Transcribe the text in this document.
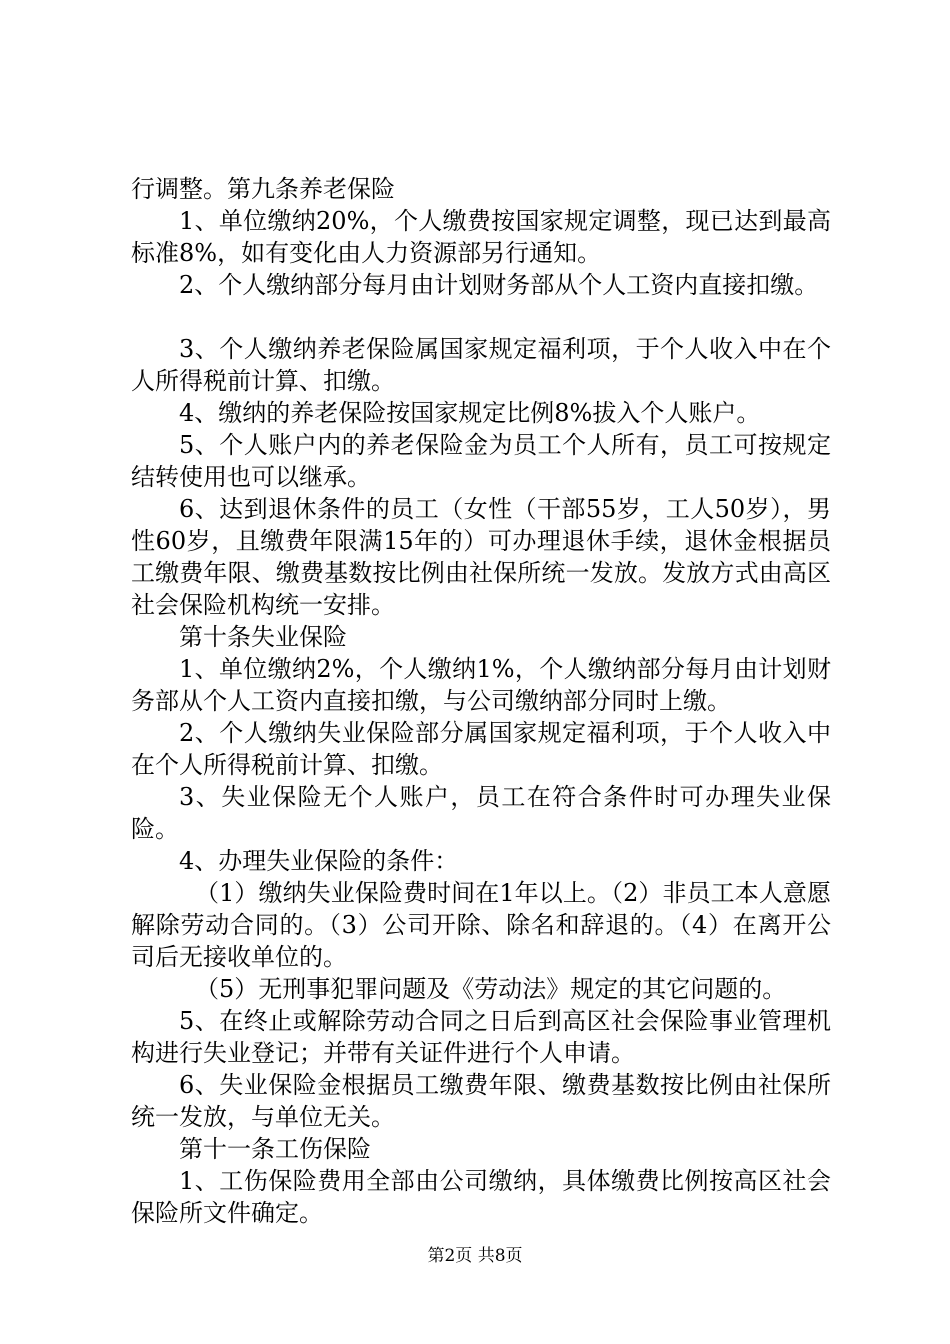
行调整。第九条养老保险

1、单位缴纳20%，个人缴费按国家规定调整，现已达到最高标准8%，如有变化由人力资源部另行通知。

2、个人缴纳部分每月由计划财务部从个人工资内直接扣缴。

3、个人缴纳养老保险属国家规定福利项，于个人收入中在个人所得税前计算、扣缴。

4、缴纳的养老保险按国家规定比例8%拔入个人账户。

5、个人账户内的养老保险金为员工个人所有，员工可按规定结转使用也可以继承。

6、达到退休条件的员工（女性（干部55岁，工人50岁），男性60岁，且缴费年限满15年的）可办理退休手续，退休金根据员工缴费年限、缴费基数按比例由社保所统一发放。发放方式由高区社会保险机构统一安排。

第十条失业保险

1、单位缴纳2%，个人缴纳1%，个人缴纳部分每月由计划财务部从个人工资内直接扣缴，与公司缴纳部分同时上缴。

2、个人缴纳失业保险部分属国家规定福利项，于个人收入中在个人所得税前计算、扣缴。

3、失业保险无个人账户，员工在符合条件时可办理失业保险。

4、办理失业保险的条件：

（1）缴纳失业保险费时间在1年以上。（2）非员工本人意愿解除劳动合同的。（3）公司开除、除名和辞退的。（4）在离开公司后无接收单位的。

（5）无刑事犯罪问题及《劳动法》规定的其它问题的。

5、在终止或解除劳动合同之日后到高区社会保险事业管理机构进行失业登记；并带有关证件进行个人申请。

6、失业保险金根据员工缴费年限、缴费基数按比例由社保所统一发放，与单位无关。

第十一条工伤保险

1、工伤保险费用全部由公司缴纳，具体缴费比例按高区社会保险所文件确定。

第2页 共8页
